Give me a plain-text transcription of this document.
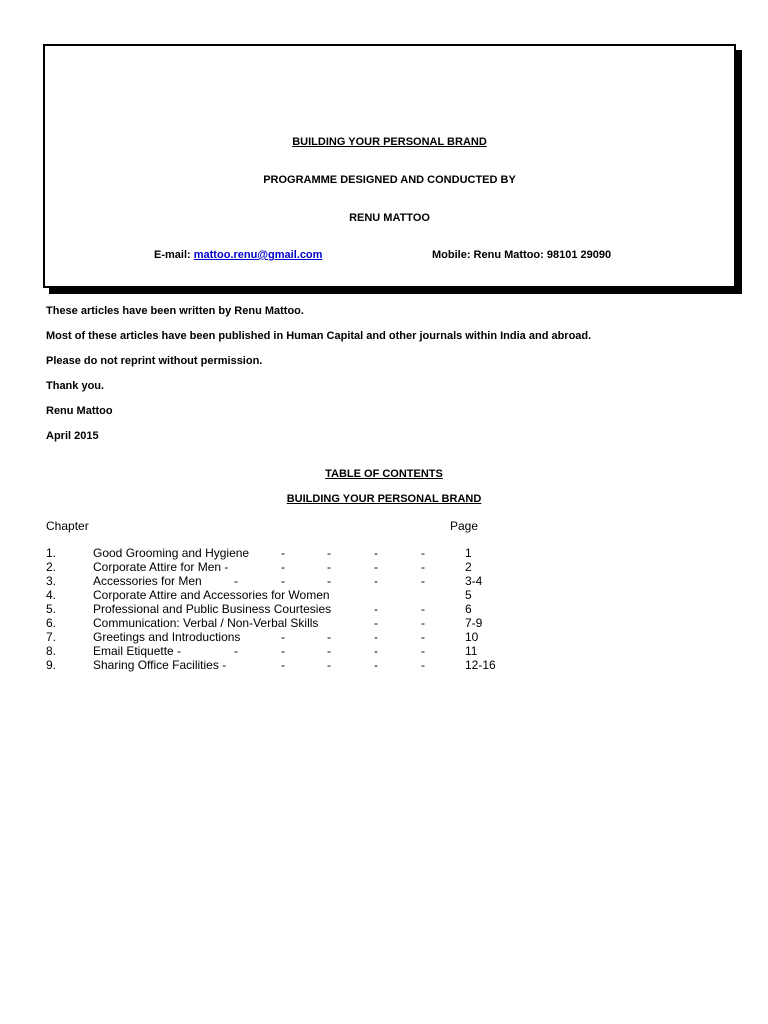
BUILDING YOUR PERSONAL BRAND
PROGRAMME DESIGNED AND CONDUCTED BY
RENU MATTOO
E-mail: mattoo.renu@gmail.com	Mobile: Renu Mattoo: 98101 29090
These articles have been written by Renu Mattoo.
Most of these articles have been published in Human Capital and other journals within India and abroad.
Please do not reprint without permission.
Thank you.
Renu Mattoo
April 2015
TABLE OF CONTENTS
BUILDING YOUR PERSONAL BRAND
Chapter	Page
1.	Good Grooming and Hygiene	-	-	-	-	1
2.	Corporate Attire for Men -	-	-	-	-	2
3.	Accessories for Men	-	-	-	-	-	3-4
4.	Corporate Attire and Accessories for Women	5
5.	Professional and Public Business Courtesies	-	-	6
6.	Communication: Verbal / Non-Verbal Skills	-	-	7-9
7.	Greetings and Introductions	-	-	-	-	10
8.	Email Etiquette -	-	-	-	-	-	11
9.	Sharing Office Facilities -	-	-	-	-	12-16
